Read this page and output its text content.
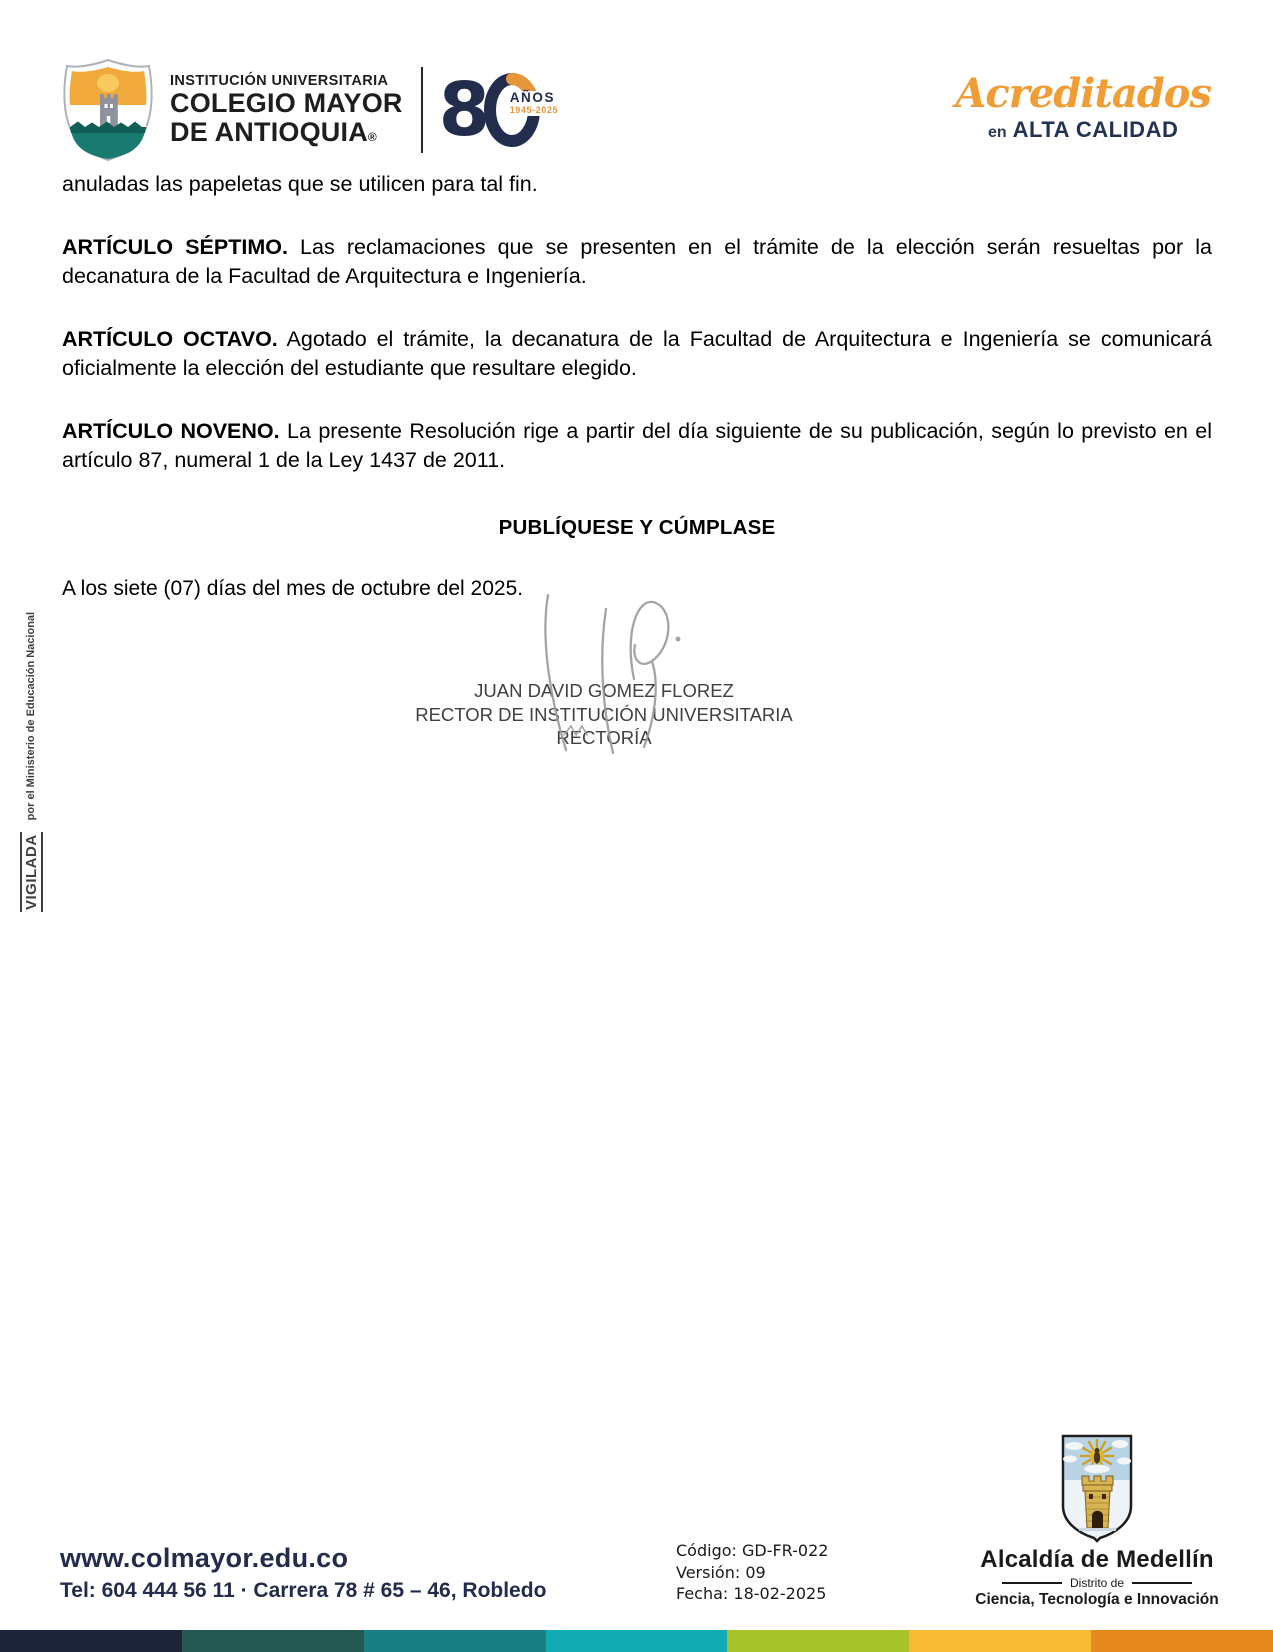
INSTITUCIÓN UNIVERSITARIA
COLEGIO MAYOR
DE ANTIOQUIA® 8 AÑOS
1945-2025	Acreditados
en ALTA CALIDAD

anuladas las papeletas que se utilicen para tal fin.

ARTÍCULO SÉPTIMO. Las reclamaciones que se presenten en el trámite de la elección serán resueltas por la decanatura de la Facultad de Arquitectura e Ingeniería.

ARTÍCULO OCTAVO. Agotado el trámite, la decanatura de la Facultad de Arquitectura e Ingeniería se comunicará oficialmente la elección del estudiante que resultare elegido.

ARTÍCULO NOVENO. La presente Resolución rige a partir del día siguiente de su publicación, según lo previsto en el artículo 87, numeral 1 de la Ley 1437 de 2011.

PUBLÍQUESE Y CÚMPLASE
A los siete (07) días del mes de octubre del 2025.
JUAN DAVID GOMEZ FLOREZ
RECTOR DE INSTITUCIÓN UNIVERSITARIA
RECTORÍA
VIGILADA
por el Ministerio de Educación Nacional
www.colmayor.edu.co
Tel: 604 444 56 11 · Carrera 78 # 65 – 46, Robledo
Código: GD-FR-022
Versión: 09
Fecha: 18-02-2025
Alcaldía de Medellín
Distrito de
Ciencia, Tecnología e Innovación
